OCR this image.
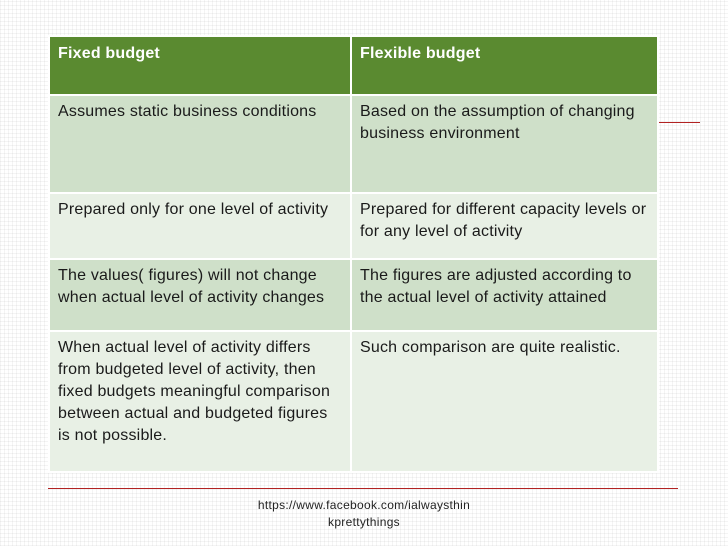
Fixed budget	Flexible budget
Assumes static business conditions	Based on the assumption of changing business environment
Prepared only for one level of activity	Prepared for different capacity levels or for any level of activity
The values( figures) will not change when actual level of activity changes	The figures are adjusted according to the actual level of activity attained
When actual level of activity differs from budgeted level of activity, then fixed budgets meaningful comparison between actual and budgeted figures is not possible.	Such comparison are quite realistic.
https://www.facebook.com/ialwaysthinkprettythings
